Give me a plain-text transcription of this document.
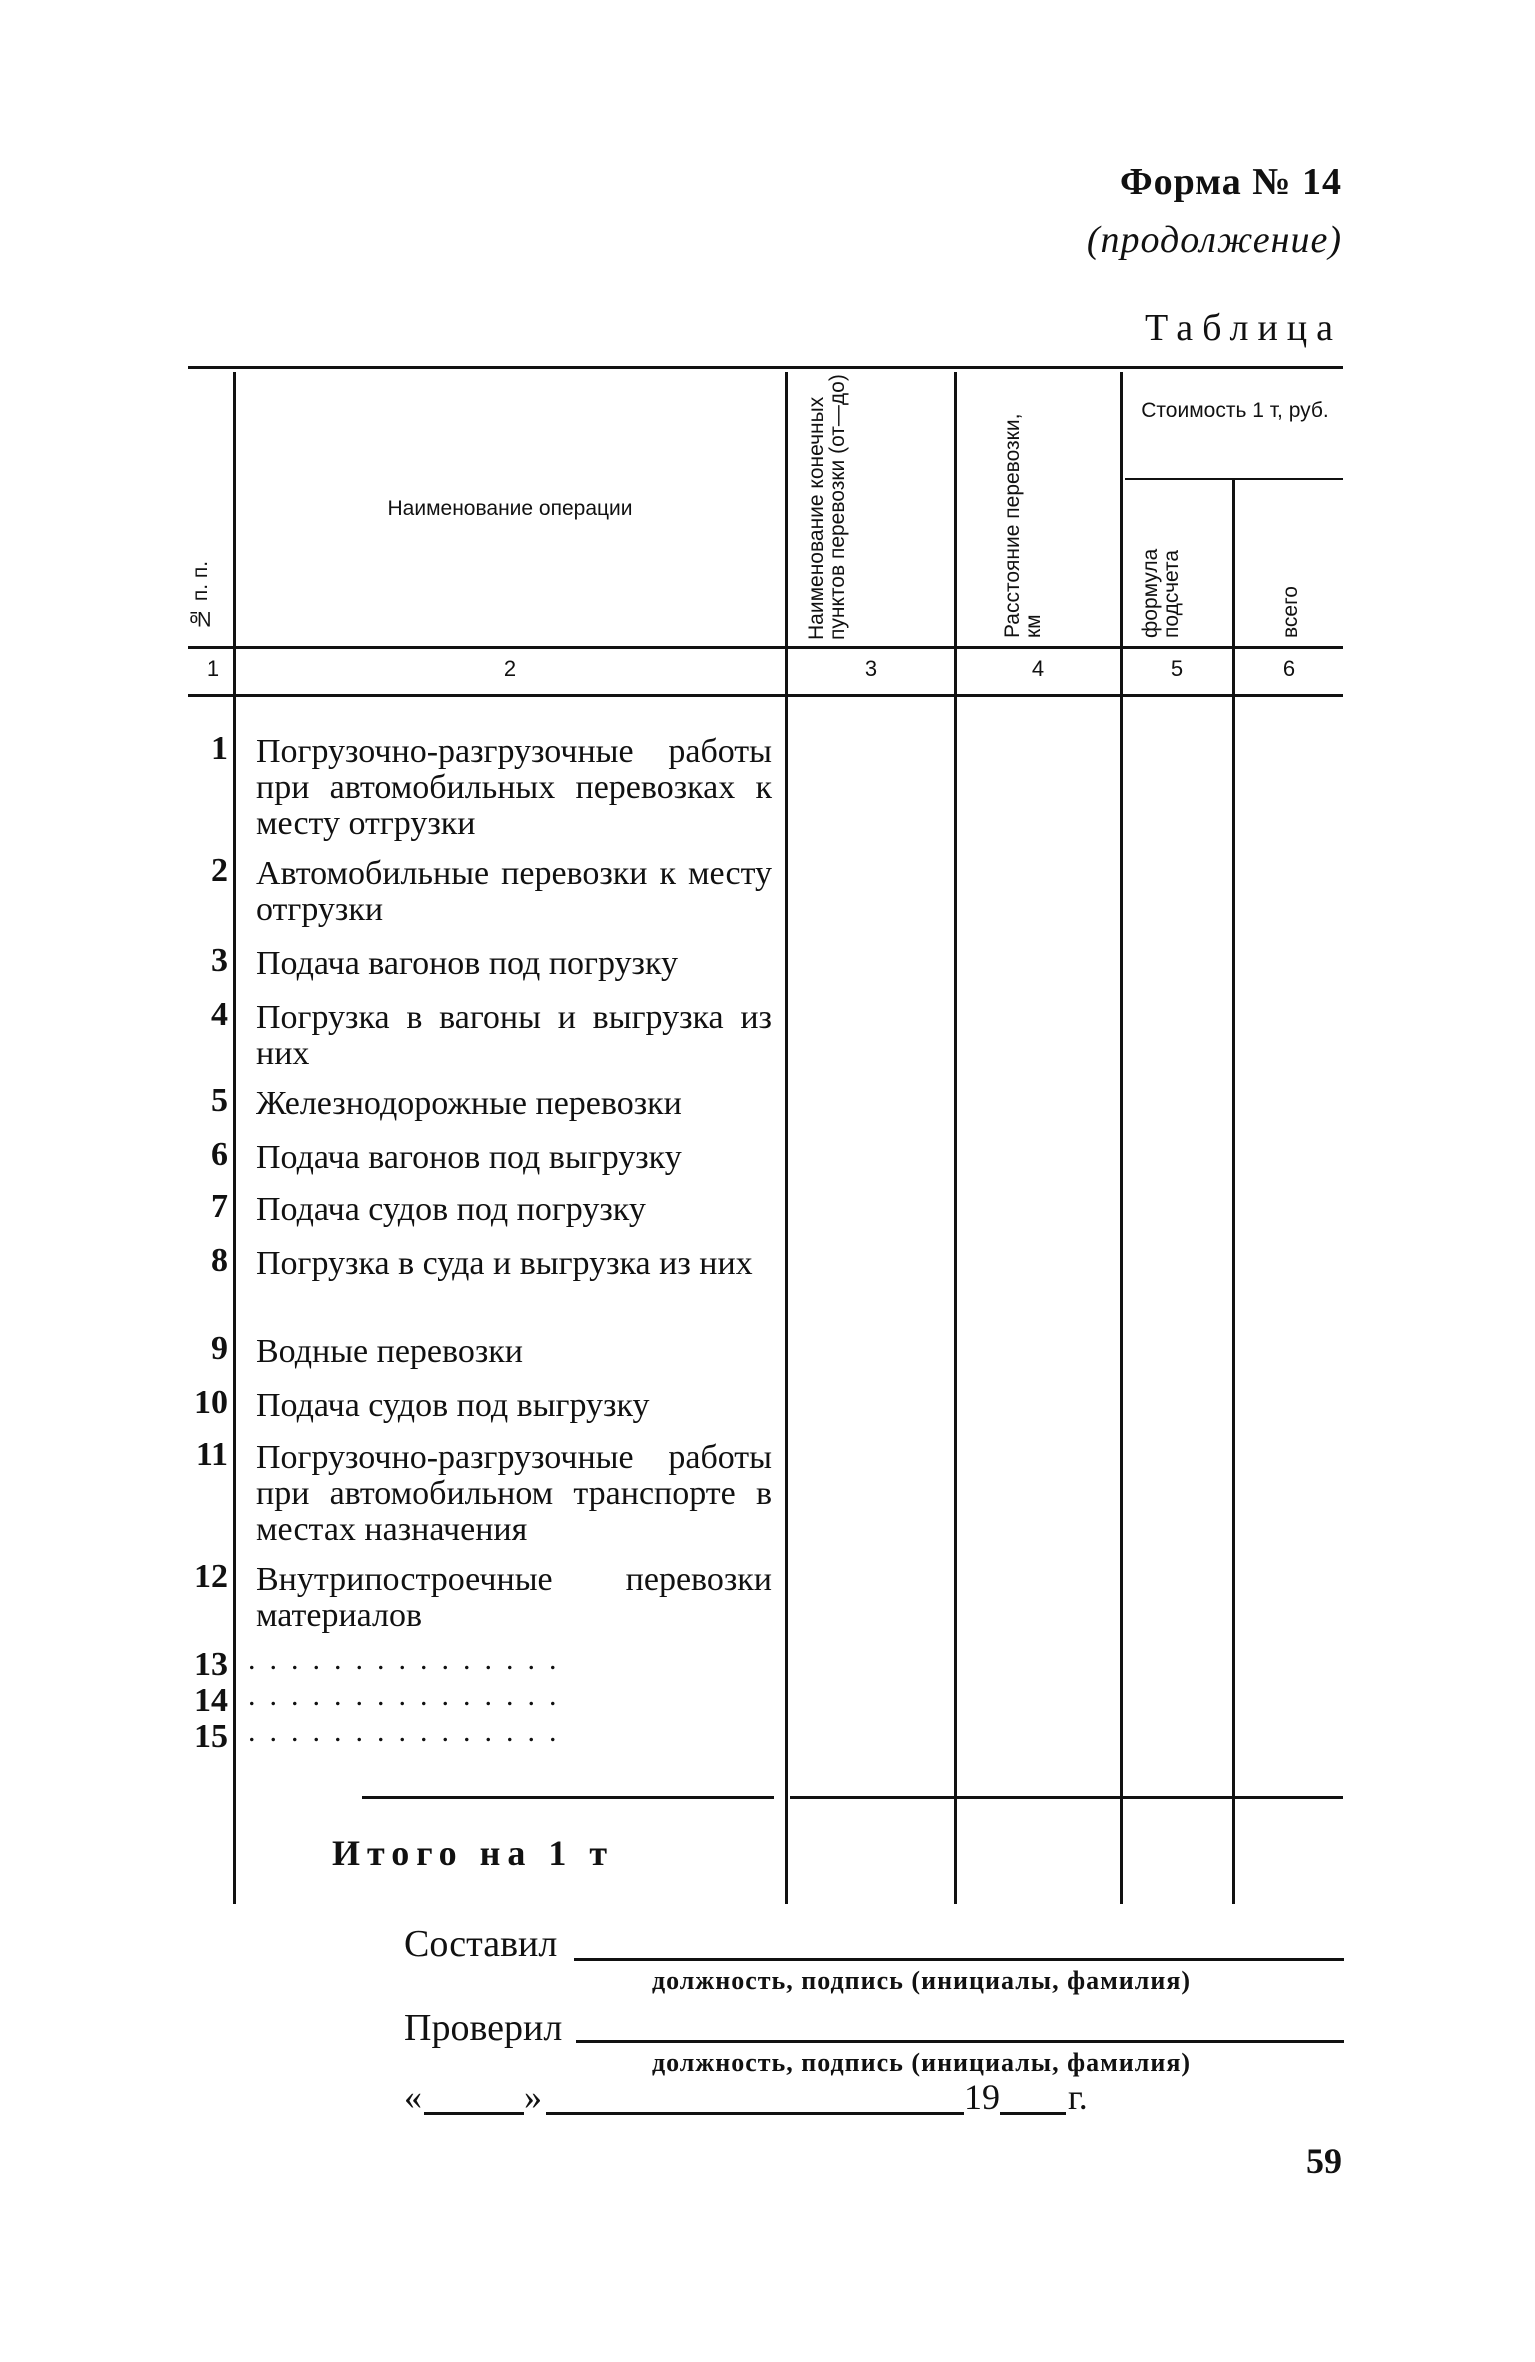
Форма № 14
(продолжение)
Таблица
№ п. п.
Наименование операции	Наименование конечных пунктов перевозки (от—до)	Расстояние перевозки, км
Стоимость 1 т, руб.
формула подсчета	всего
1	2	3	4	5	6
1 Погрузочно-разгрузочные работы при автомобильных перевозках к месту отгрузки
2 Автомобильные перевозки к месту отгрузки
3 Подача вагонов под погрузку
4 Погрузка в вагоны и выгрузка из них
5 Железнодорожные перевозки
6 Подача вагонов под выгрузку
7 Подача судов под погрузку
8 Погрузка в суда и выгрузка из них
9 Водные перевозки
10 Подача судов под выгрузку
11 Погрузочно-разгрузочные работы при автомобильном транспорте в местах назначения
12 Внутрипостроечные перевозки материалов
13 ...............
14 ...............
15 ...............
Итого на 1 т
Составил
должность, подпись (инициалы, фамилия)
Проверил
должность, подпись (инициалы, фамилия)
«	»	19 г.
59
